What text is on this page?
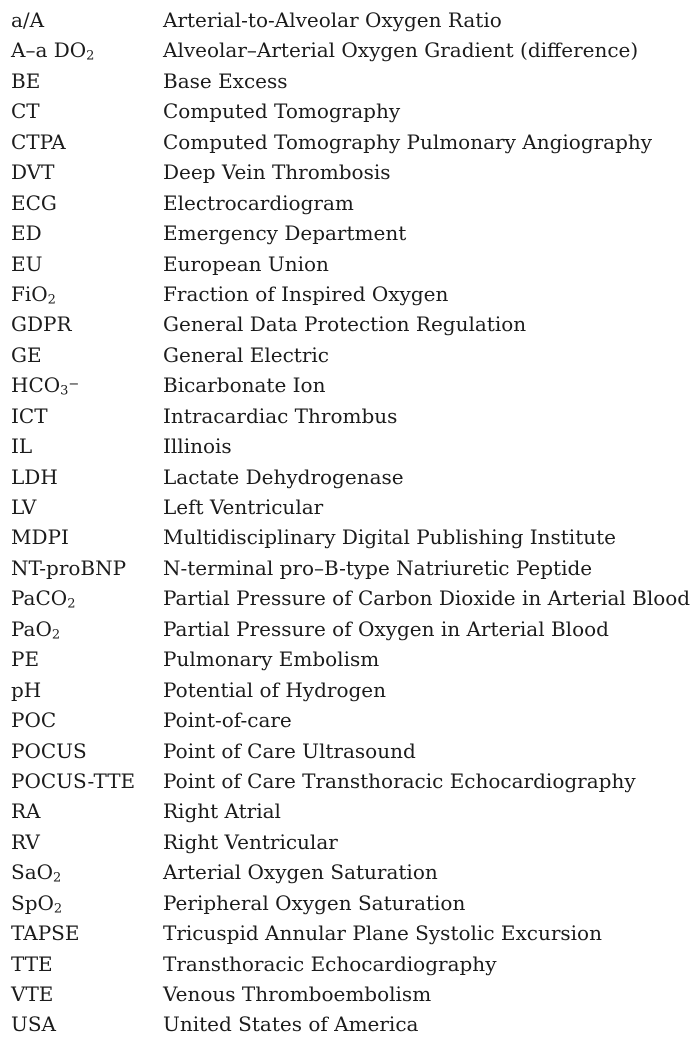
a/A	Arterial-to-Alveolar Oxygen Ratio
A–a $DO_2$	Alveolar–Arterial Oxygen Gradient (difference)
BE	Base Excess
CT	Computed Tomography
CTPA	Computed Tomography Pulmonary Angiography
DVT	Deep Vein Thrombosis
ECG	Electrocardiogram
ED	Emergency Department
EU	European Union
FiO$_2$	Fraction of Inspired Oxygen
GDPR	General Data Protection Regulation
GE	General Electric
$HCO_3^-$	Bicarbonate Ion
ICT	Intracardiac Thrombus
IL	Illinois
LDH	Lactate Dehydrogenase
LV	Left Ventricular
MDPI	Multidisciplinary Digital Publishing Institute
NT-proBNP	N-terminal pro–B-type Natriuretic Peptide
PaCO$_2$	Partial Pressure of Carbon Dioxide in Arterial Blood
PaO$_2$	Partial Pressure of Oxygen in Arterial Blood
PE	Pulmonary Embolism
pH	Potential of Hydrogen
POC	Point-of-care
POCUS	Point of Care Ultrasound
POCUS-TTE	Point of Care Transthoracic Echocardiography
RA	Right Atrial
RV	Right Ventricular
SaO$_2$	Arterial Oxygen Saturation
SpO$_2$	Peripheral Oxygen Saturation
TAPSE	Tricuspid Annular Plane Systolic Excursion
TTE	Transthoracic Echocardiography
VTE	Venous Thromboembolism
USA	United States of America
